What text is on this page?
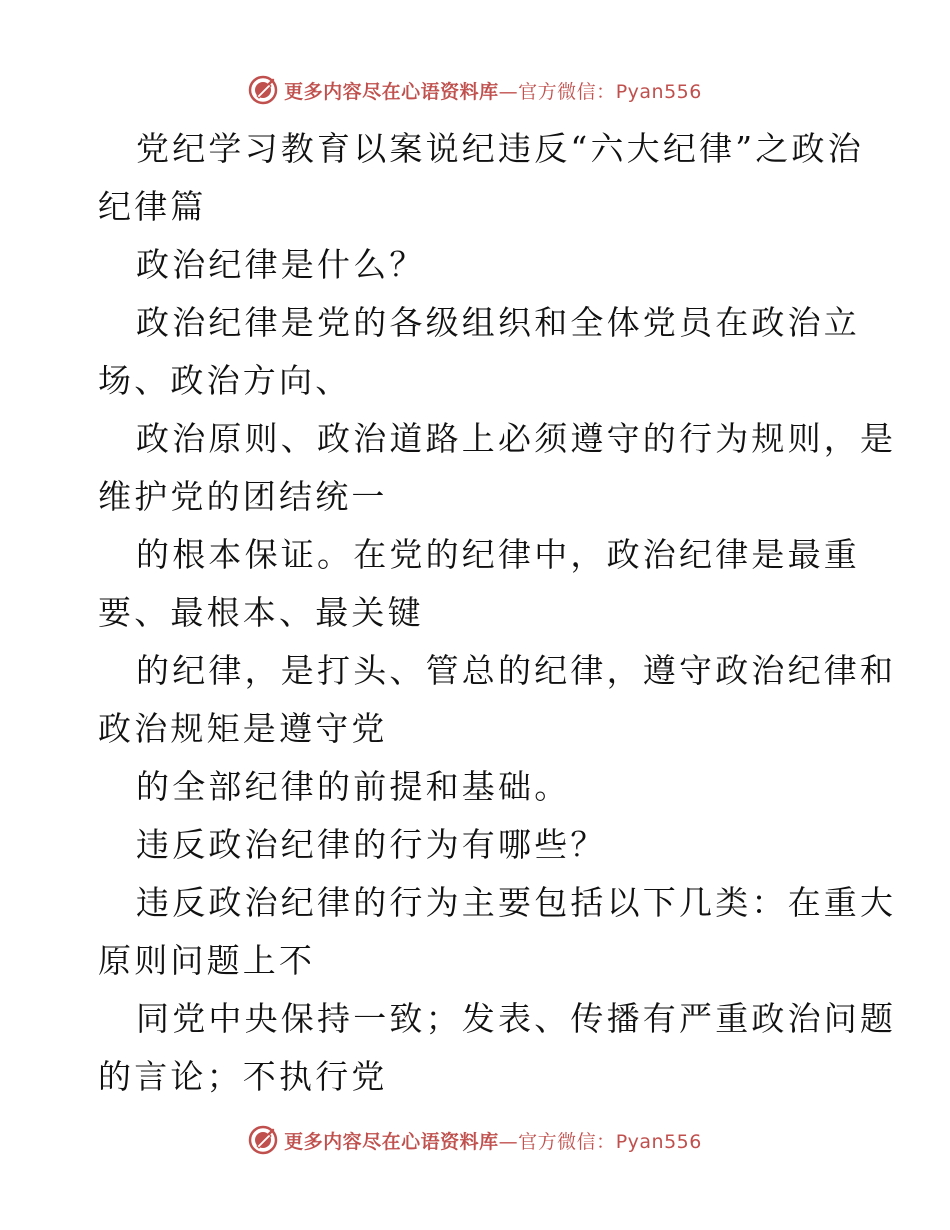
更多内容尽在心语资料库—官方微信：Pyan556
党纪学习教育以案说纪违反“六大纪律”之政治
纪律篇
政治纪律是什么？
政治纪律是党的各级组织和全体党员在政治立
场、政治方向、
政治原则、政治道路上必须遵守的行为规则，是
维护党的团结统一
的根本保证。在党的纪律中，政治纪律是最重
要、最根本、最关键
的纪律，是打头、管总的纪律，遵守政治纪律和
政治规矩是遵守党
的全部纪律的前提和基础。
违反政治纪律的行为有哪些？
违反政治纪律的行为主要包括以下几类：在重大
原则问题上不
同党中央保持一致；发表、传播有严重政治问题
的言论；不执行党
更多内容尽在心语资料库—官方微信：Pyan556
